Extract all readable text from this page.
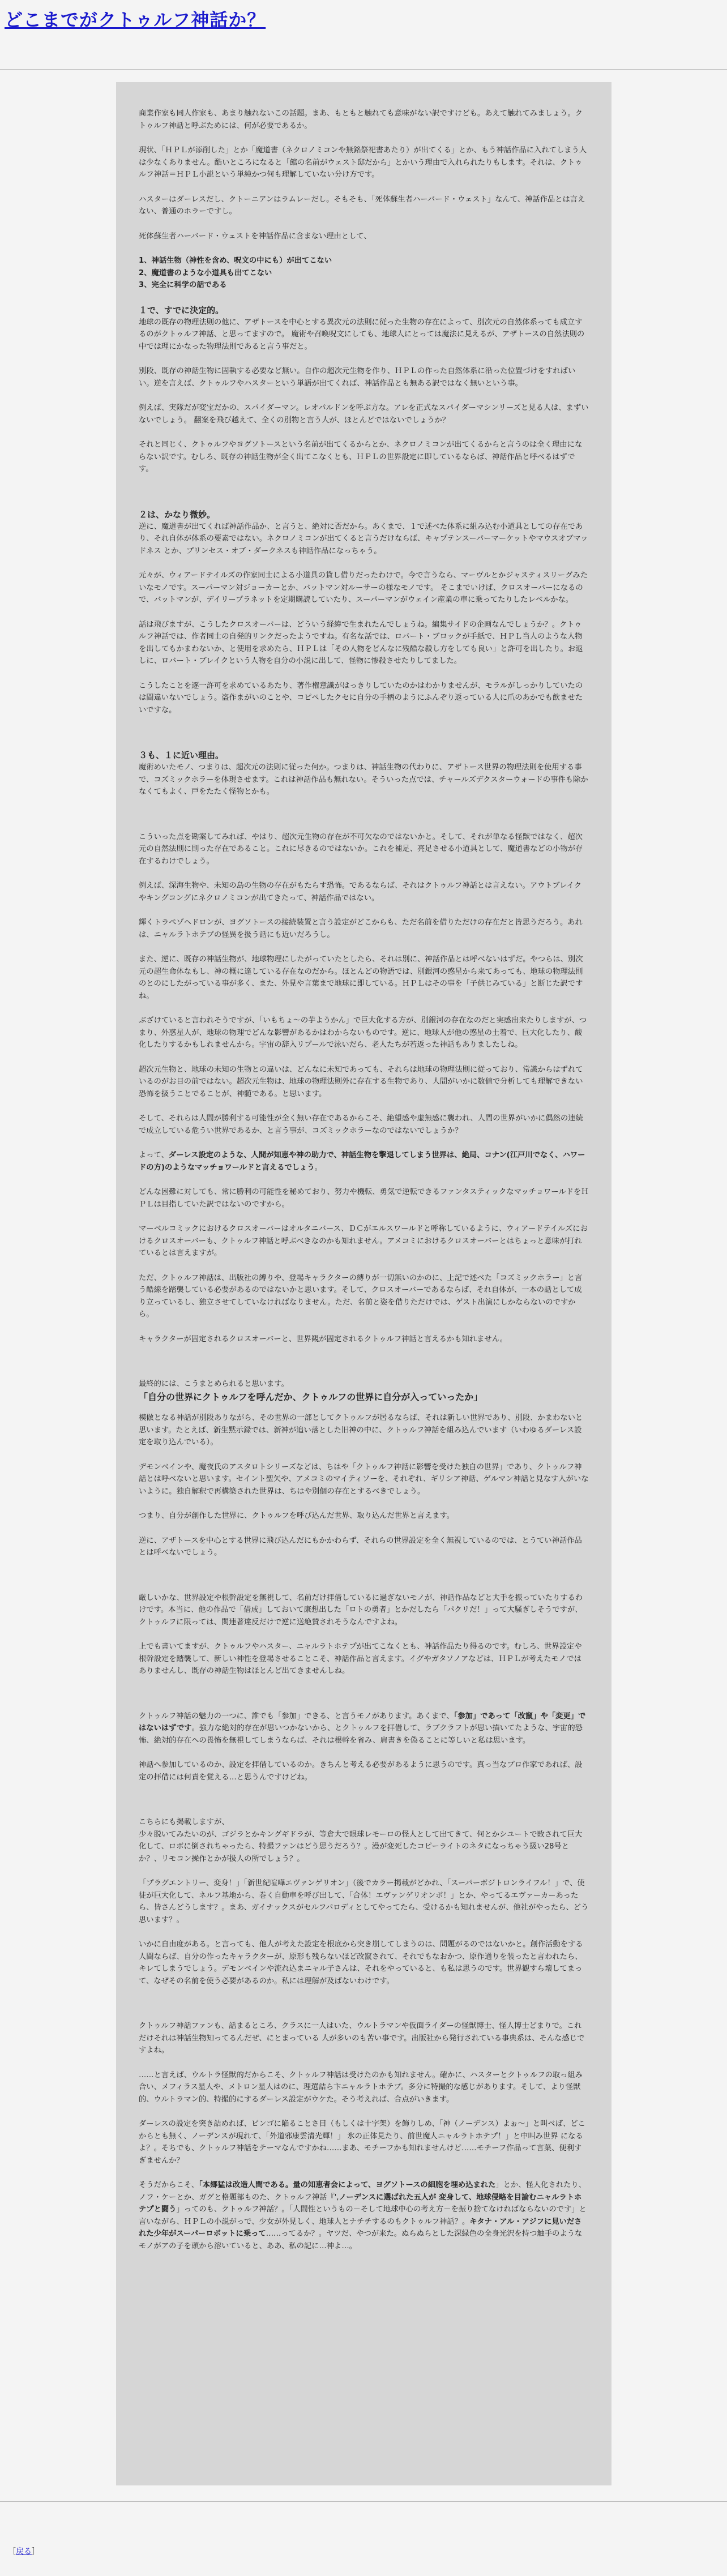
どこまでがクトゥルフ神話か？

商業作家も同人作家も、あまり触れないこの話題。まあ、もともと触れても意味がない訳ですけども。あえて触れてみましょう。クトゥルフ神話と呼ぶためには、何が必要であるか。

現状、「ＨＰＬが添削した」とか「魔道書（ネクロノミコンや無銘祭祀書あたり）が出てくる」とか、もう神話作品に入れてしまう人は少なくありません。酷いところになると「館の名前がウェスト邸だから」とかいう理由で入れられたりもします。それは、クトゥルフ神話＝ＨＰＬ小説という単純かつ何も理解していない分け方です。

ハスターはダーレスだし、クトーニアンはラムレーだし。そもそも、「死体蘇生者ハーバード・ウェスト」なんて、神話作品とは言えない、普通のホラーですし。

死体蘇生者ハーバード・ウェストを神話作品に含まない理由として、

1、神話生物（神性を含め、呪文の中にも）が出てこない
2、魔道書のような小道具も出てこない
3、完全に科学の話である

１で、すでに決定的。

地球の既存の物理法則の他に、アザトースを中心とする異次元の法則に従った生物の存在によって、別次元の自然体系っても成立するのがクトゥルフ神話、と思ってますので。 魔術や召喚呪文にしても、地球人にとっては魔法に見えるが、アザトースの自然法則の中では理にかなった物理法則であると言う事だと。

別段、既存の神話生物に固執する必要など無い。自作の超次元生物を作り、ＨＰＬの作った自然体系に沿った位置づけをすればいい。逆を言えば、クトゥルフやハスターという単語が出てくれば、神話作品とも無ある訳ではなく無いという事。

例えば、実隊だが変宝だかの、スパイダーマン。レオパルドンを呼ぶ方な。アレを正式なスパイダーマシンリーズと見る人は、まずいないでしょう。 翻案を飛び越えて、全くの別物と言う人が、ほとんどではないでしょうか？

それと同じく、クトゥルフやヨグソトースという名前が出てくるからとか、ネクロノミコンが出てくるからと言うのは全く理由にならない訳です。むしろ、既存の神話生物が全く出てこなくとも、ＨＰＬの世界設定に即しているならば、神話作品と呼べるはずです。

２は、かなり微妙。

逆に、魔道書が出てくれば神話作品か、と言うと、絶対に否だから。あくまで、１で述べた体系に組み込む小道具としての存在であり、それ自体が体系の要素ではない。ネクロノミコンが出てくると言うだけならば、キャプテンスーパーマーケットやマウスオブマッドネス とか、プリンセス・オブ・ダークネスも神話作品になっちゃう。

元々が、ウィアードテイルズの作家同士による小道具の貸し借りだったわけで。今で言うなら、マーヴルとかジャスティスリーグみたいなモノです。スーパーマン対ジョーカーとか、バットマン対ルーサーの様なモノです。 そこまでいけば、クロスオーバーになるので、バットマンが、デイリープラネットを定期購読していたり、スーパーマンがウェイン産業の車に乗ってたりしたレベルかな。

話は飛びますが、こうしたクロスオーバーは、どういう経緯で生まれたんでしょうね。編集サイドの企画なんでしょうか？。クトゥルフ神話では、作者同士の自発的リンクだったようですね。有名な話では、ロバート・ブロックが手紙で、ＨＰＬ当人のような人物を出してもかまわないか、と使用を求めたら、ＨＰＬは「その人物をどんなに残酷な殺し方をしても良い」と許可を出したり。お返しに、ロバート・ブレイクという人物を自分の小説に出して、怪物に惨殺させたりしてました。

こうしたことを逐一許可を求めているあたり、著作権意識がはっきりしていたのかはわかりませんが、モラルがしっかりしていたのは間違いないでしょう。盗作まがいのことや、コピペしたクセに自分の手柄のようにふんぞり返っている人に爪のあかでも飲ませたいですな。

３も、１に近い理由。

魔術めいたモノ、つまりは、超次元の法則に従った何か。つまりは、神話生物の代わりに、アザトース世界の物理法則を使用する事で、コズミックホラーを体現させます。これは神話作品も無れない。そういった点では、チャールズデクスターウォードの事件も除かなくてもよく、戸をたたく怪物とかも。

こういった点を勘案してみれば、やはり、超次元生物の存在が不可欠なのではないかと。そして、それが単なる怪獣ではなく、超次元の自然法則に則った存在であること。これに尽きるのではないか。これを補足、亮足させる小道具として、魔道書などの小物が存在するわけでしょう。

例えば、深海生物や、未知の島の生物の存在がもたらす恐怖。であるならば、それはクトゥルフ神話とは言えない。アウトブレイクやキングコングにネクロノミコンが出てきたって、神話作品ではない。

輝くトラペゾヘドロンが、ヨグソトースの接続装置と言う設定がどこからも、ただ名前を借りただけの存在だと皆思うだろう。あれは、ニャルラトホテプの怪異を扱う話にも近いだろうし。

また、逆に、既存の神話生物が、地球物理にしたがっていたとしたら、それは別に、神話作品とは呼べないはずだ。やつらは、別次元の超生命体なもし、神の概に達している存在なのだから。ほとんどの物語では、別銀河の惑星から来てあっても、地球の物理法則のとのにしたがっている事が多く、また、外見や言葉まで地球に即している。ＨＰＬはその事を「子供じみている」と断じた訳ですね。

ぶざけていると言われそうですが、「いもちょ～の芋ようかん」で巨大化する方が、別銀河の存在なのだと実感出来たりしますが、つまり、外惑星人が、地球の物理でどんな影響があるかはわからないものです。逆に、地球人が他の惑星の土着で、巨大化したり、酸化したりするかもしれませんから。宇宙の辞入リプールで泳いだら、老人たちが若返った神話もありましたしね。

超次元生物と、地球の未知の生物との違いは、どんなに未知であっても、それらは地球の物理法則に従っており、常識からはずれているのがお目の前ではない。超次元生物は、地球の物理法則外に存在する生物であり、人間がいかに数値で分析しても理解できない恐怖を扱うことでることが、神髄である。と思います。

そして、それらは人間が勝利する可能性が全く無い存在であるからこそ、絶望感や虚無感に襲われ、人間の世界がいかに偶然の連続で成立している危うい世界であるか、と言う事が、コズミックホラーなのではないでしょうか？

よって、ダーレス設定のような、人間が知恵や神の助力で、神話生物を撃退してしまう世界は、絶局、コナン(江戸川でなく、ハワードの方)のようなマッチョワールドと言えるでしょう。

どんな困難に対しても、常に勝利の可能性を秘めており、努力や機転、勇気で逆転できるファンタスティックなマッチョワールドをＨＰＬは目指していた訳ではないのですから。

マーベルコミックにおけるクロスオーバーはオルタニバース、ＤＣがエルスワールドと呼称しているように、ウィアードテイルズにおけるクロスオーバーも、クトゥルフ神話と呼ぶべきなのかも知れません。アメコミにおけるクロスオーバーとはちょっと意味が打れているとは言えますが。

ただ、クトゥルフ神話は、出版社の縛りや、登場キャラクターの縛りが一切無いのかのに、上記で述べた「コズミックホラー」と言う酷線を踏襲している必要があるのではないかと思います。そして、クロスオーバーであるならば、それ自体が、一本の話として成り立っているし、独立させてしていなければなりません。ただ、名前と姿を借りただけでは、ゲスト出演にしかならないのですから。

キャラクターが固定されるクロスオーバーと、世界観が固定されるクトゥルフ神話と言えるかも知れません。

最終的には、こうまとめられると思います。
「自分の世界にクトゥルフを呼んだか、クトゥルフの世界に自分が入っていったか」

模倣となる神話が別段ありながら、その世界の一部としてクトゥルフが居るならば、それは新しい世界であり、別段、かまわないと思います。たとえば、新生黙示録では、新神が追い落とした旧神の中に、クトゥルフ神話を組み込んでいます（いわゆるダーレス設定を取り込んでいる）。

デモンベインや、魔夜氏のアスタロトシリーズなどは、ちはや「クトゥルフ神話に影響を受けた独自の世界」であり、クトゥルフ神話とは呼べないと思います。セイント聖矢や、アメコミのマイティソーを、それぞれ、ギリシア神話、ゲルマン神話と見なす人がいないように。独自解釈で再構築された世界は、ちはや別個の存在とするべきでしょう。

つまり、自分が創作した世界に、クトゥルフを呼び込んだ世界、取り込んだ世界と言えます。

逆に、アザトースを中心とする世界に飛び込んだにもかかわらず、それらの世界設定を全く無視しているのでは、とうてい神話作品とは呼べないでしょう。

厳しいかな、世界設定や根幹設定を無視して、名前だけ拝借しているに過ぎないモノが、神話作品などと大手を振っていたりするわけです。本当に、他の作品で「借成」しておいて康想出した「ロトの勇者」とかだしたら「パクリだ！」って大騒ぎしそうですが、クトゥルフに限っては、関連著違反だけで逆に送絶賛されそうなんですよね。

上でも書いてますが、クトゥルフやハスター、ニャルラトホテプが出てこなくとも、神話作品たり得るのです。むしろ、世界設定や根幹設定を踏襲して、新しい神性を登場させることこそ、神話作品と言えます。イグやガタソノアなどは、ＨＰＬが考えたモノではありませんし、既存の神話生物はほとんど出てきませんしね。

クトゥルフ神話の魅力の一つに、誰でも「参加」できる、と言うモノがあります。あくまで、「参加」であって「改竄」や「変更」ではないはずです。強力な絶対的存在が思いつかないから、とクトゥルフを拝借して、ラブクラフトが思い描いてたような、宇宙的恐怖、絶対的存在への畏怖を無視してしまうならば、それは根幹を省み、肩書きを偽ることに等しいと私は思います。

神話へ参加しているのか、設定を拝借しているのか。きちんと考える必要があるように思うのです。真っ当なプロ作家であれば、設定の拝借には何責を覚える…と思うんですけどね。

こちらにも掲載しますが、
少々脱いてみたいのが、ゴジラとかキングギドラが、等倉大で眼球レモーロの怪人として出てきて、何とかシユートで敗されて巨大化して、ロボに倒されちゃったら、特撮ファンはどう思うだろう？。漫が変死したコピーライトのネタになっちゃう扱い28号とか？、リモコン操作とかが扱人の所でしょう？。

「プラグエントリー、変身！」「新世紀喧嘩エヴァンゲリオン」（後でカラー掲載がどかれ、「スーパーボジトロンライフル！」で、使徒が巨大化して、ネルフ基地から、巻く自動車を呼び出して、「合体！エヴァンゲリオンボ！」とか、やってるエヴァーカーあったら、皆さんどうします？。まあ、ガイナックスがセルフパロディとしてやってたら、受けるかも知れませんが、他社がやったら、どう思います？。

いかに自由度がある。と言っても、他人が考えた設定を根底から突き崩してしまうのは、問題がるのではないかと。創作活動をする人間ならば、自分の作ったキャラクターが、原形も残らないほど改竄されて、それでもなおかつ、原作通りを装ったと言われたら、キレてしまうでしょう。デモンベインや流れ込まニャル子さんは、それをやっていると、も私は思うのです。世界観すら壊してまって、なぜその名前を使う必要があるのか。私には理解が及ばないわけです。

クトゥルフ神話ファンも、話まるところ、クラスに一人はいた、ウルトラマンや仮面ライダーの怪獣博士、怪人博士どまりで。これだけそれは神話生物知ってるんだぜ、にとまっている 人が多いのも苦い事です。出版社から発行されている事典系は、そんな感じですよね。

……と言えば、ウルトラ怪獣的だからこそ、クトゥルフ神話は受けたのかも知れません。確かに、ハスターとクトゥルフの取っ組み合い、メフィラス星人や、メトロン星人はのに、理選詰ら卞ニャルラトホテプ。多分に特撮的な感じがあります。そして、より怪獣的、ウルトラマン的、特撮的にするダーレス設定がウケた。そう考えれば、合点がいきます。

ダーレスの設定を突き詰めれば、ビンゴに陥ることさ目（もしくは十字架）を飾りしめ、「神（ノーデンス）よぉ～」と叫べば、どこからとも無く、ノーデンスが現れて、「外道邪康雲清光輝！」 氷の正体見たり、前世魔人ニャルラトホテプ！」と中叫み世界 になるよ？。そちでも、クトゥルフ神話をテーマなんですかね……まあ、モチーフかも知れませんけど……モチーフ作品って言葉、便利すぎませんか？

そうだからこそ、「本郷猛は改造人間である。量の知恵者会によって、ヨグソトースの細胞を埋め込まれた」とか、怪人化されたり、ノフ・ケーとか、ガグと格題部ものた、クトゥルフ神話『',ノーデンスに選ばれた五人が 変身して、地球侵略を目論むニャルラトホテプと闘う」ってのも、クトゥルフ神話？。「人間性というもの－そして地球中心の考え方－を振り捨てなければならないのです」と言いながら、ＨＰＬの小説がっで、少女が外見しく、地球人とナチチするのもクトゥルフ神話？。キタナ・アル・アジフに見いだされた少年がスーパーロボットに乗って……ってるか？。ヤツだ、やつが来た。ぬらぬらとした深緑色の全身光沢を持つ触手のようなモノがアの子を頭から溶いていると、ああ、私の記に…神よ…。

［戻る］
